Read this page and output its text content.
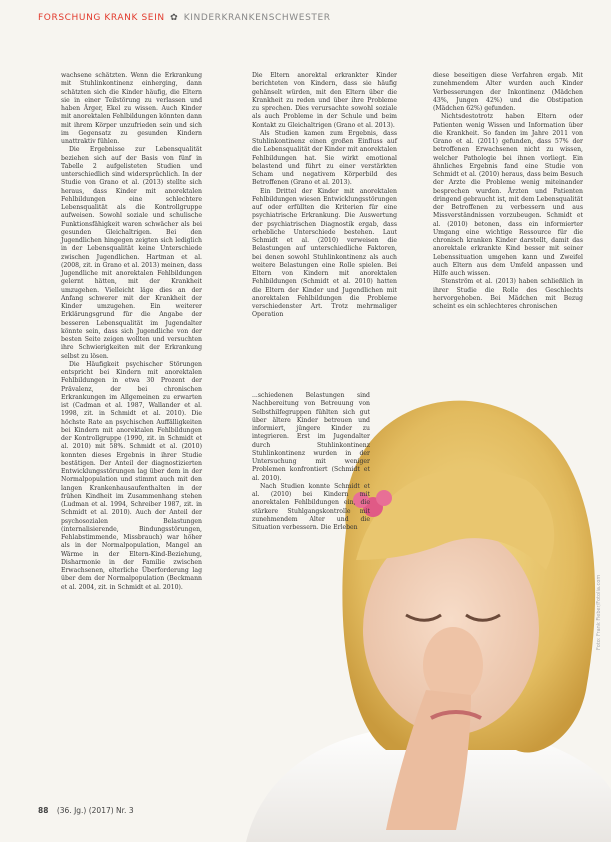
FORSCHUNG KRANK SEIN ✿ KINDERKRANKENSCHWESTER

wachsene schätzten. Wenn die Erkrankung mit Stuhlinkontinenz einherging, dann schätzten sich die Kinder häufig, die Eltern sie in einer Teilstörung zu verlassen und haben Ärger, Ekel zu wissen. Auch Kinder mit anorektalen Fehlbildungen könnten dann mit ihrem Körper unzufrieden sein und sich im Gegensatz zu gesunden Kindern unattraktiv fühlen.

Die Ergebnisse zur Lebensqualität beziehen sich auf der Basis von fünf in Tabelle 2 aufgelisteten Studien und unterschiedlich sind widersprüchlich. In der Studie von Grano et al. (2013) stellte sich heraus, dass Kinder mit anorektalen Fehlbildungen eine schlechtere Lebensqualität als die Kontrollgruppe aufweisen. Sowohl soziale und schulische Funktionsfähigkeit waren schwächer als bei gesunden Gleichaltrigen. Bei den Jugendlichen hingegen zeigten sich lediglich in der Lebensqualität keine Unterschiede zwischen Jugendlichen. Hartman et al. (2008, zit. in Grano et al. 2013) meinen, dass Jugendliche mit anorektalen Fehlbildungen gelernt hätten, mit der Krankheit umzugehen. Vielleicht läge dies an der Anfang schwerer mit der Krankheit der Kinder umzugehen. Ein weiterer Erklärungsgrund für die Angabe der besseren Lebensqualität im Jugendalter könnte sein, dass sich Jugendliche von der besten Seite zeigen wollten und versuchten ihre Schwierigkeiten mit der Erkrankung selbst zu lösen.

Die Häufigkeit psychischer Störungen entspricht bei Kindern mit anorektalen Fehlbildungen in etwa 30 Prozent der Prävalenz, der bei chronischen Erkrankungen im Allgemeinen zu erwarten ist (Cadman et al. 1987, Wallander et al. 1998, zit. in Schmidt et al. 2010). Die höchste Rate an psychischen Auffälligkeiten bei Kindern mit anorektalen Fehlbildungen der Kontrollgruppe (1990, zit. in Schmidt et al. 2010) mit 58%. Schmidt et al. (2010) konnten dieses Ergebnis in ihrer Studie bestätigen. Der Anteil der diagnostizierten Entwicklungsstörungen lag über dem in der Normalpopulation und stimmt auch mit den langen Krankenhausaufenthalten in der frühen Kindheit im Zusammenhang stehen (Ludman et al. 1994, Schreiber 1987, zit. in Schmidt et al. 2010). Auch der Anteil der psychosozialen Belastungen (internalisierende, Bindungsstörungen, Fehlabstimmende, Missbrauch) war höher als in der Normalpopulation, Mangel an Wärme in der Eltern-Kind-Beziehung, Disharmonie in der Familie zwischen Erwachsenen, elterliche Überforderung lag über dem der Normalpopulation (Beckmann et al. 2004, zit. in Schmidt et al. 2010).

Die Eltern anorektal erkrankter Kinder berichteten von Kindern, dass sie häufig gehänselt würden, mit den Eltern über die Krankheit zu reden und über ihre Probleme zu sprechen. Dies verursachte sowohl soziale als auch Probleme in der Schule und beim Kontakt zu Gleichaltrigen (Grano et al. 2013).

Als Studien kamen zum Ergebnis, dass Stuhlinkontinenz einen großen Einfluss auf die Lebensqualität der Kinder mit anorektalen Fehlbildungen hat. Sie wirkt emotional belastend und führt zu einer verstärkten Scham und negativem Körperbild des Betroffenen (Grano et al. 2013).

Ein Drittel der Kinder mit anorektalen Fehlbildungen wiesen Entwicklungsstörungen auf oder erfüllten die Kriterien für eine psychiatrische Erkrankung. Die Auswertung der psychiatrischen Diagnostik ergab, dass erhebliche Unterschiede bestehen. Laut Schmidt et al. (2010) verweisen die Belastungen auf unterschiedliche Faktoren, bei denen sowohl Stuhlinkontinenz als auch weitere Belastungen eine Rolle spielen. Bei Eltern von Kindern mit anorektalen Fehlbildungen (Schmidt et al. 2010) hatten die Eltern der Kinder und Jugendlichen mit anorektalen Fehlbildungen die Probleme verschiedenster Art. Trotz mehrmaliger Operation

diese beseitigen diese Verfahren ergab. Mit zunehmendem Alter wurden auch Kinder Verbesserungen der Inkontinenz (Mädchen 43%, Jungen 42%) und die Obstipation (Mädchen 62%) gefunden.

Nichtsdestotrotz haben Eltern oder Patienten wenig Wissen und Information über die Krankheit. So fanden im Jahre 2011 von Grano et al. (2011) gefunden, dass 57% der betroffenen Erwachsenen nicht zu wissen, welcher Pathologie bei ihnen vorliegt. Ein ähnliches Ergebnis fand eine Studie von Schmidt et al. (2010) heraus, dass beim Besuch der Arzte die Probleme wenig miteinander besprechen wurden. Ärzten und Patienten dringend gebraucht ist, mit dem Lebensqualität der Betroffenen zu verbessern und aus Missverständnissen vorzubeugen. Schmidt et al. (2010) betonen, dass ein informierter Umgang eine wichtige Ressource für die chronisch kranken Kinder darstellt, damit das anorektale erkrankte Kind besser mit seiner Lebenssituation umgehen kann und Zweifel auch Eltern aus dem Umfeld anpassen und Hilfe auch wissen.

Stenström et al. (2013) haben schließlich in ihrer Studie die Rolle des Geschlechts hervorgehoben. Bei Mädchen mit Bezug scheint es ein schlechteres chronischen

...schiedenen Belastungen sind Nachbereitung von Betreuung von Selbsthilfegruppen fühlten sich gut über ältere Kinder betreuen und informiert, jüngere Kinder zu integrieren. Erst im Jugendalter durch Stuhlinkontinenz Stuhlinkontinenz wurden in der Untersuchung mit weniger Problemen konfrontiert (Schmidt et al. 2010).

Nach Studien konnte Schmidt et al. (2010) bei Kindern mit anorektalen Fehlbildungen ein, die stärkere Stuhlgangskontrolle mit zunehmendem Alter und die Situation verbessern. Die Erleben

Foto: Frank Fieber/Fotolia.com
88 (36. Jg.) (2017) Nr. 3
